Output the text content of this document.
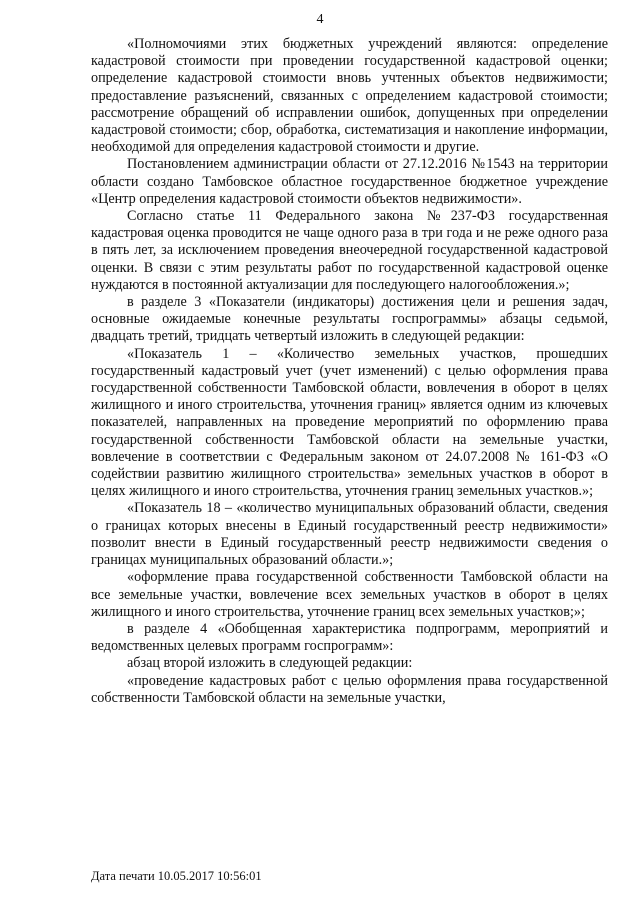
4

«Полномочиями этих бюджетных учреждений являются: определение кадастровой стоимости при проведении государственной кадастровой оценки; определение кадастровой стоимости вновь учтенных объектов недвижимости; предоставление разъяснений, связанных с определением кадастровой стоимости; рассмотрение обращений об исправлении ошибок, допущенных при определении кадастровой стоимости; сбор, обработка, систематизация и накопление информации, необходимой для определения кадастровой стоимости и другие.

Постановлением администрации области от 27.12.2016 №1543 на территории области создано Тамбовское областное государственное бюджетное учреждение «Центр определения кадастровой стоимости объектов недвижимости».

Согласно статье 11 Федерального закона №237-ФЗ государственная кадастровая оценка проводится не чаще одного раза в три года и не реже одного раза в пять лет, за исключением проведения внеочередной государственной кадастровой оценки. В связи с этим результаты работ по государственной кадастровой оценке нуждаются в постоянной актуализации для последующего налогообложения.»;

в разделе 3 «Показатели (индикаторы) достижения цели и решения задач, основные ожидаемые конечные результаты госпрограммы» абзацы седьмой, двадцать третий, тридцать четвертый изложить в следующей редакции:

«Показатель 1 – «Количество земельных участков, прошедших государственный кадастровый учет (учет изменений) с целью оформления права государственной собственности Тамбовской области, вовлечения в оборот в целях жилищного и иного строительства, уточнения границ» является одним из ключевых показателей, направленных на проведение мероприятий по оформлению права государственной собственности Тамбовской области на земельные участки, вовлечение в соответствии с Федеральным законом от 24.07.2008 № 161-ФЗ «О содействии развитию жилищного строительства» земельных участков в оборот в целях жилищного и иного строительства, уточнения границ земельных участков.»;

«Показатель 18 – «количество муниципальных образований области, сведения о границах которых внесены в Единый государственный реестр недвижимости» позволит внести в Единый государственный реестр недвижимости сведения о границах муниципальных образований области.»;

«оформление права государственной собственности Тамбовской области на все земельные участки, вовлечение всех земельных участков в оборот в целях жилищного и иного строительства, уточнение границ всех земельных участков;»;

в разделе 4 «Обобщенная характеристика подпрограмм, мероприятий и ведомственных целевых программ госпрограмм»:

абзац второй изложить в следующей редакции:

«проведение кадастровых работ с целью оформления права государственной собственности Тамбовской области на земельные участки,

Дата печати 10.05.2017 10:56:01
